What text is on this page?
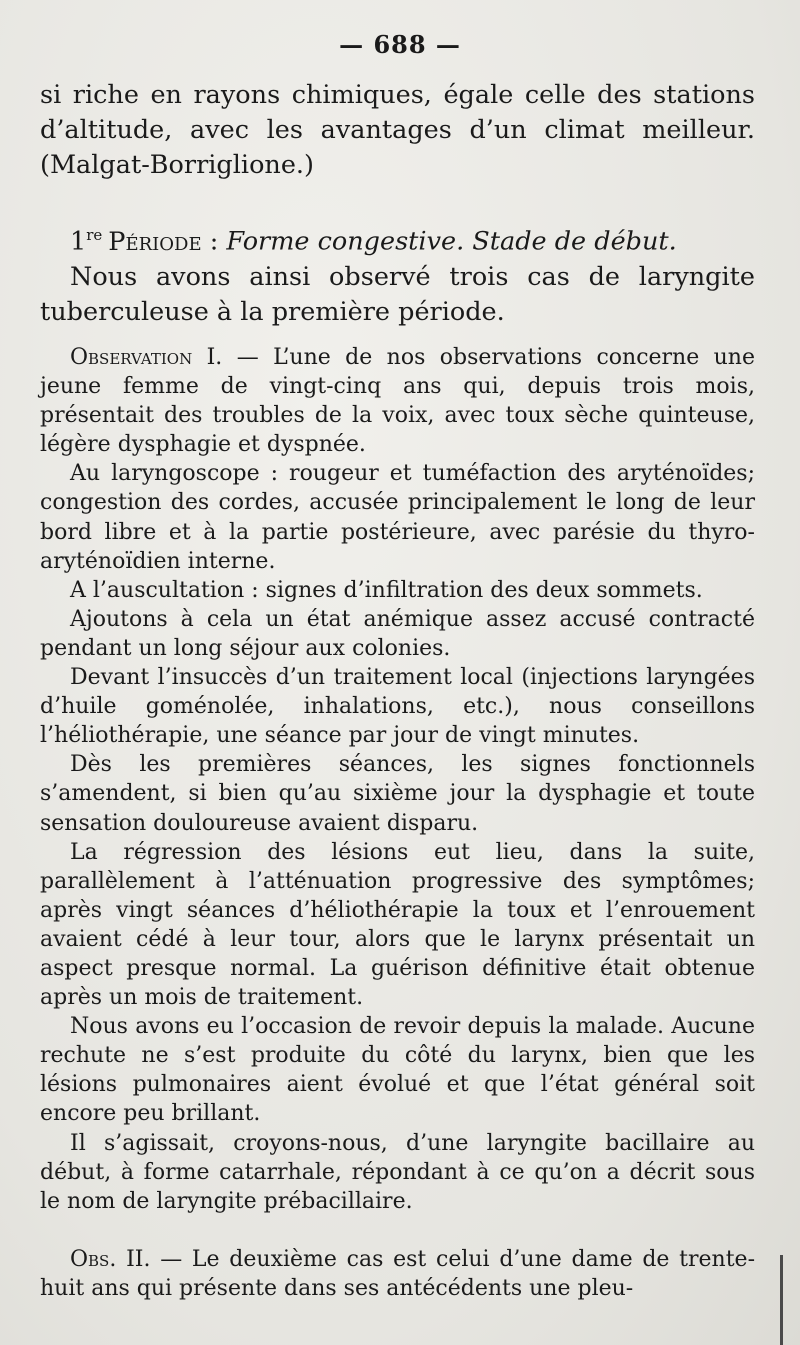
— 688 —

si riche en rayons chimiques, égale celle des stations d’altitude, avec les avantages d’un climat meilleur. (Malgat-Borriglione.)

1re Période : Forme congestive. Stade de début.

Nous avons ainsi observé trois cas de laryngite tuberculeuse à la première période.

Observation I. — L’une de nos observations concerne une jeune femme de vingt-cinq ans qui, depuis trois mois, présentait des troubles de la voix, avec toux sèche quinteuse, légère dysphagie et dyspnée.

Au laryngoscope : rougeur et tuméfaction des aryténoïdes; congestion des cordes, accusée principalement le long de leur bord libre et à la partie postérieure, avec parésie du thyro-aryténoïdien interne.

A l’auscultation : signes d’infiltration des deux sommets.

Ajoutons à cela un état anémique assez accusé contracté pendant un long séjour aux colonies.

Devant l’insuccès d’un traitement local (injections laryngées d’huile goménolée, inhalations, etc.), nous conseillons l’héliothérapie, une séance par jour de vingt minutes.

Dès les premières séances, les signes fonctionnels s’amendent, si bien qu’au sixième jour la dysphagie et toute sensation douloureuse avaient disparu.

La régression des lésions eut lieu, dans la suite, parallèlement à l’atténuation progressive des symptômes; après vingt séances d’héliothérapie la toux et l’enrouement avaient cédé à leur tour, alors que le larynx présentait un aspect presque normal. La guérison définitive était obtenue après un mois de traitement.

Nous avons eu l’occasion de revoir depuis la malade. Aucune rechute ne s’est produite du côté du larynx, bien que les lésions pulmonaires aient évolué et que l’état général soit encore peu brillant.

Il s’agissait, croyons-nous, d’une laryngite bacillaire au début, à forme catarrhale, répondant à ce qu’on a décrit sous le nom de laryngite prébacillaire.

Obs. II. — Le deuxième cas est celui d’une dame de trente-huit ans qui présente dans ses antécédents une pleu-
